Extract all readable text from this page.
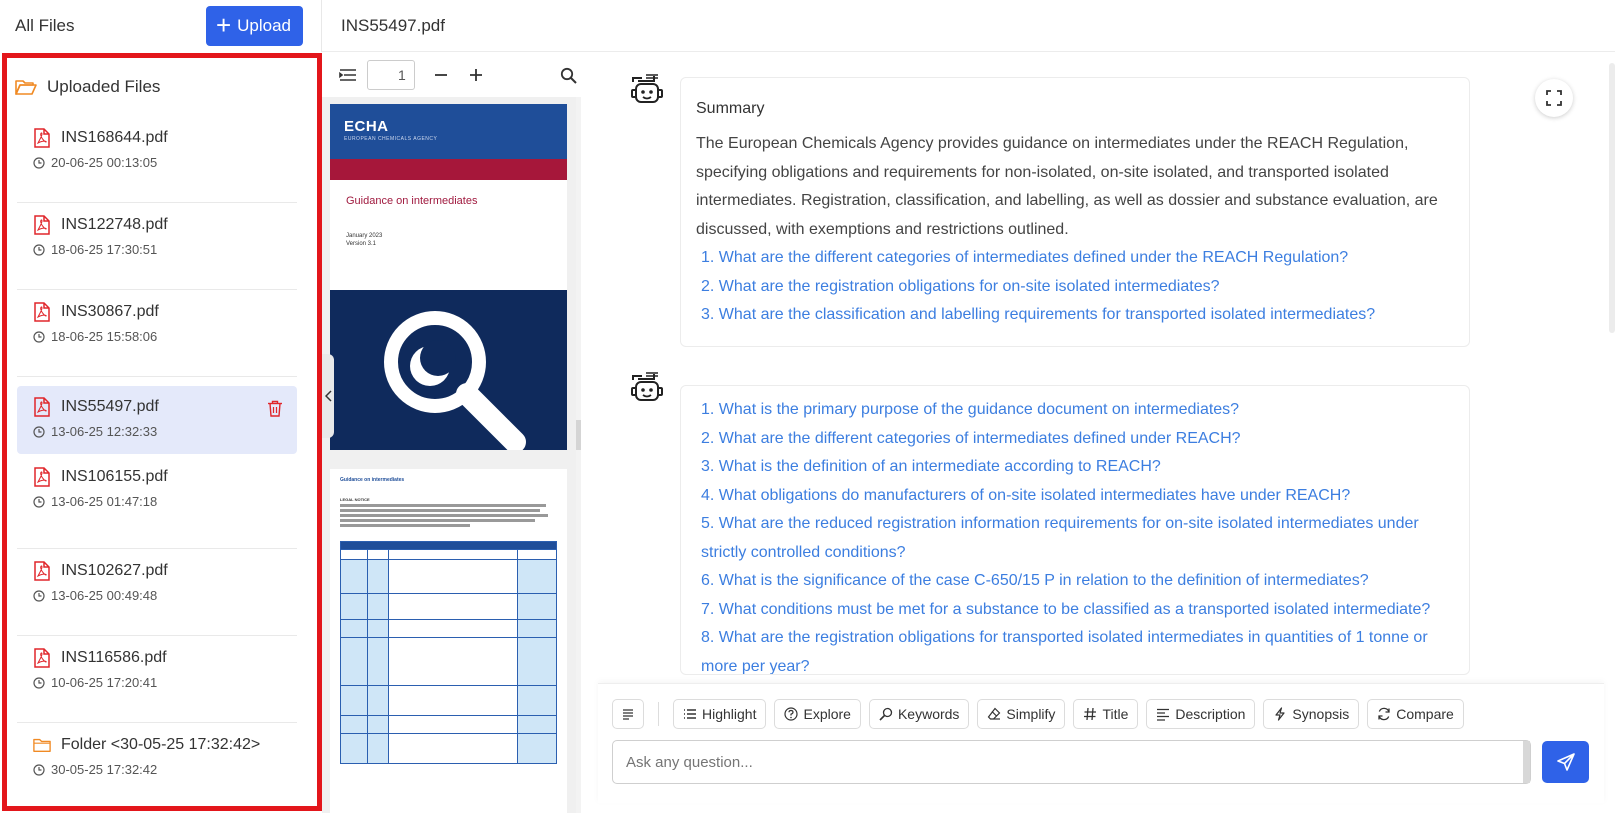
All Files	+ Upload	INS55497.pdf
Uploaded Files
INS168644.pdf
20-06-25 00:13:05
INS122748.pdf
18-06-25 17:30:51
INS30867.pdf
18-06-25 15:58:06
INS55497.pdf
13-06-25 12:32:33
INS106155.pdf
13-06-25 01:47:18
INS102627.pdf
13-06-25 00:49:48
INS116586.pdf
10-06-25 17:20:41
Folder <30-05-25 17:32:42>
30-05-25 17:32:42
1
ECHA
EUROPEAN CHEMICALS AGENCY
Guidance on intermediates
January 2023
Version 3.1
Guidance on intermediates
LEGAL NOTICE
Summary

The European Chemicals Agency provides guidance on intermediates under the REACH Regulation, specifying obligations and requirements for non-isolated, on-site isolated, and transported isolated intermediates. Registration, classification, and labelling, as well as dossier and substance evaluation, are discussed, with exemptions and restrictions outlined.

1. What are the different categories of intermediates defined under the REACH Regulation?
2. What are the registration obligations for on-site isolated intermediates?
3. What are the classification and labelling requirements for transported isolated intermediates?
1. What is the primary purpose of the guidance document on intermediates?
2. What are the different categories of intermediates defined under REACH?
3. What is the definition of an intermediate according to REACH?
4. What obligations do manufacturers of on-site isolated intermediates have under REACH?
5. What are the reduced registration information requirements for on-site isolated intermediates under strictly controlled conditions?
6. What is the significance of the case C-650/15 P in relation to the definition of intermediates?
7. What conditions must be met for a substance to be classified as a transported isolated intermediate?
8. What are the registration obligations for transported isolated intermediates in quantities of 1 tonne or more per year?
Highlight	Explore	Keywords	Simplify	Title	Description	Synopsis	Compare
Ask any question...
